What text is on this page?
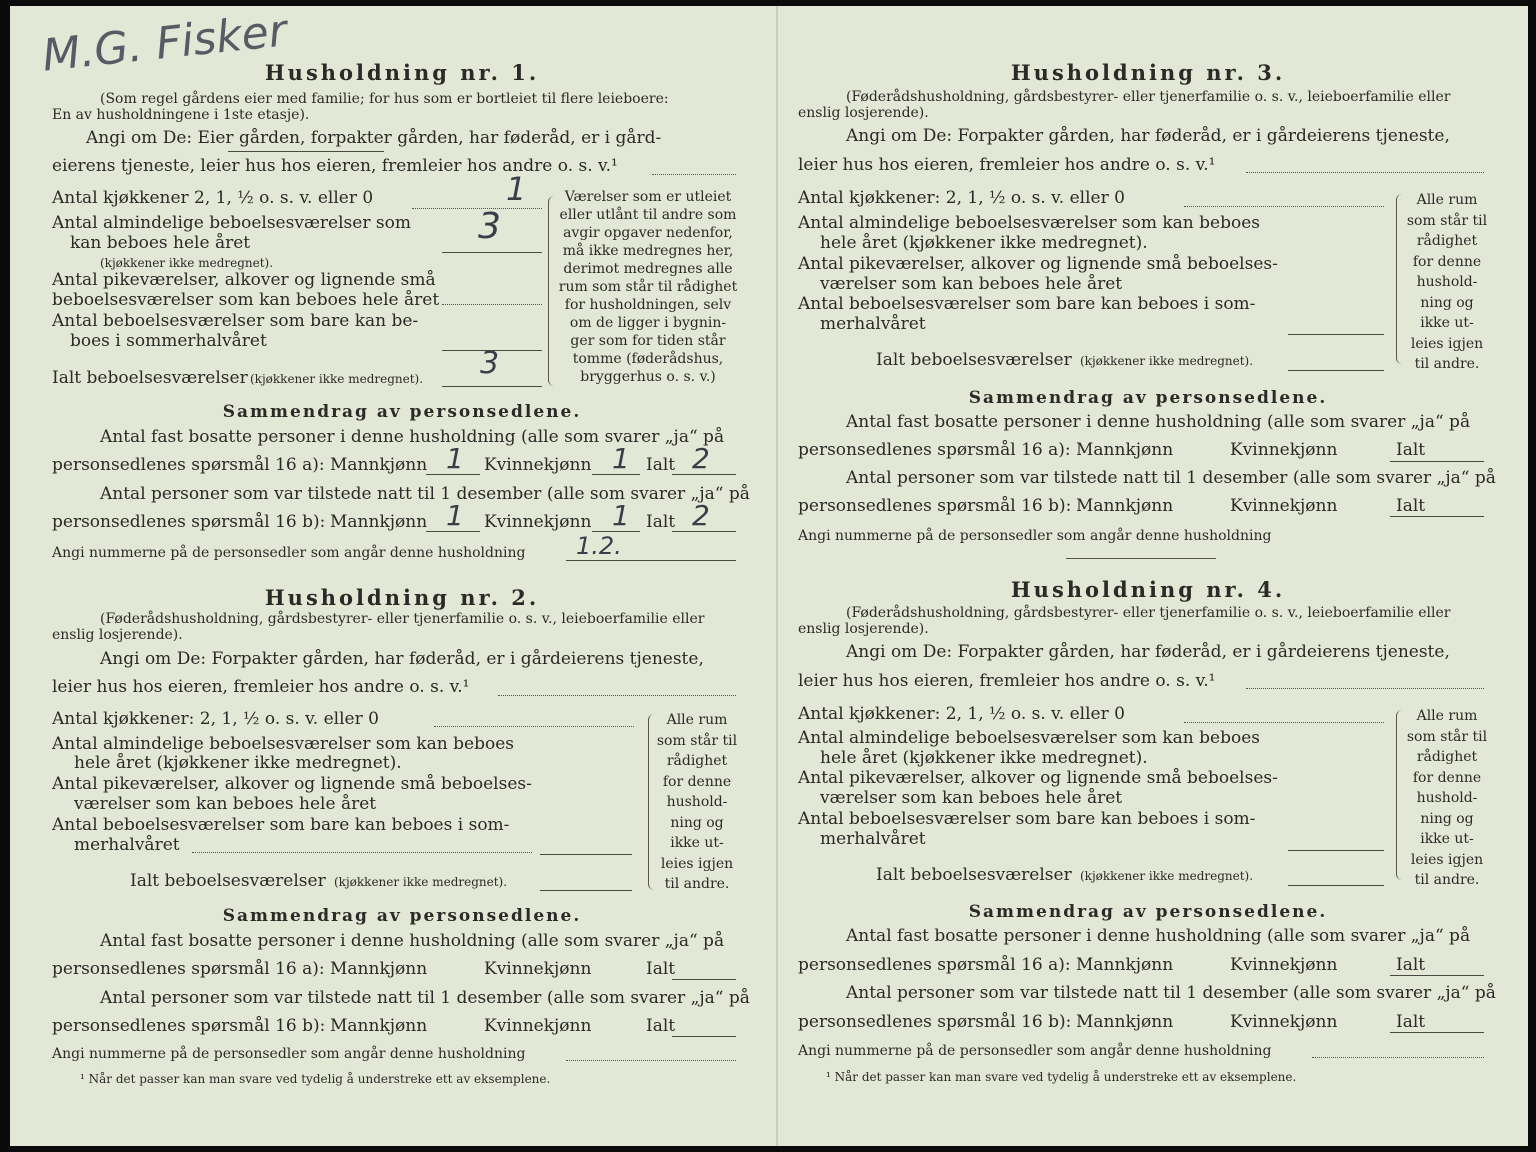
M.G. Fisker
Husholdning nr. 1.
(Som regel gårdens eier med familie; for hus som er bortleiet til flere leieboere:
En av husholdningene i 1ste etasje).
Angi om De: Eier gården, forpakter gården, har føderåd, er i gård-
eierens tjeneste, leier hus hos eieren, fremleier hos andre o. s. v.¹
Antal kjøkkener 2, 1, ½ o. s. v. eller 0	1
Antal almindelige beboelsesværelser som
kan beboes hele året
(kjøkkener ikke medregnet).
3
Antal pikeværelser, alkover og lignende små
beboelsesværelser som kan beboes hele året
Antal beboelsesværelser som bare kan be-
boes i sommerhalvåret
Ialt beboelsesværelser (kjøkkener ikke medregnet). 3
Værelser som er utleiet
eller utlånt til andre som
avgir opgaver nedenfor,
må ikke medregnes her,
derimot medregnes alle
rum som står til rådighet
for husholdningen, selv
om de ligger i bygnin-
ger som for tiden står
tomme (føderådshus,
bryggerhus o. s. v.)
Sammendrag av personsedlene.
Antal fast bosatte personer i denne husholdning (alle som svarer „ja“ på
personsedlenes spørsmål 16 a): Mannkjønn 1 Kvinnekjønn 1 Ialt 2
Antal personer som var tilstede natt til 1 desember (alle som svarer „ja“ på
personsedlenes spørsmål 16 b): Mannkjønn 1 Kvinnekjønn 1 Ialt 2
Angi nummerne på de personsedler som angår denne husholdning 1.2.
Husholdning nr. 2.
(Føderådshusholdning, gårdsbestyrer- eller tjenerfamilie o. s. v., leieboerfamilie eller
enslig losjerende).
Angi om De: Forpakter gården, har føderåd, er i gårdeierens tjeneste,
leier hus hos eieren, fremleier hos andre o. s. v.¹
Antal kjøkkener: 2, 1, ½ o. s. v. eller 0
Antal almindelige beboelsesværelser som kan beboes
hele året (kjøkkener ikke medregnet).
Antal pikeværelser, alkover og lignende små beboelses-
værelser som kan beboes hele året
Antal beboelsesværelser som bare kan beboes i som-
merhalvåret
Ialt beboelsesværelser (kjøkkener ikke medregnet).
Alle rum
som står til
rådighet
for denne
hushold-
ning og
ikke ut-
leies igjen
til andre.
Sammendrag av personsedlene.
Antal fast bosatte personer i denne husholdning (alle som svarer „ja“ på
personsedlenes spørsmål 16 a): Mannkjønn	Kvinnekjønn	Ialt
Antal personer som var tilstede natt til 1 desember (alle som svarer „ja“ på
personsedlenes spørsmål 16 b): Mannkjønn	Kvinnekjønn	Ialt
Angi nummerne på de personsedler som angår denne husholdning
¹ Når det passer kan man svare ved tydelig å understreke ett av eksemplene.
Husholdning nr. 3.
(Føderådshusholdning, gårdsbestyrer- eller tjenerfamilie o. s. v., leieboerfamilie eller
enslig losjerende).
Angi om De: Forpakter gården, har føderåd, er i gårdeierens tjeneste,
leier hus hos eieren, fremleier hos andre o. s. v.¹
Antal kjøkkener: 2, 1, ½ o. s. v. eller 0
Antal almindelige beboelsesværelser som kan beboes
hele året (kjøkkener ikke medregnet).
Antal pikeværelser, alkover og lignende små beboelses-
værelser som kan beboes hele året
Antal beboelsesværelser som bare kan beboes i som-
merhalvåret
Ialt beboelsesværelser (kjøkkener ikke medregnet).
Alle rum
som står til
rådighet
for denne
hushold-
ning og
ikke ut-
leies igjen
til andre.
Sammendrag av personsedlene.
Antal fast bosatte personer i denne husholdning (alle som svarer „ja“ på
personsedlenes spørsmål 16 a): Mannkjønn	Kvinnekjønn	Ialt
Antal personer som var tilstede natt til 1 desember (alle som svarer „ja“ på
personsedlenes spørsmål 16 b): Mannkjønn	Kvinnekjønn	Ialt
Angi nummerne på de personsedler som angår denne husholdning
Husholdning nr. 4.
(Føderådshusholdning, gårdsbestyrer- eller tjenerfamilie o. s. v., leieboerfamilie eller
enslig losjerende).
Angi om De: Forpakter gården, har føderåd, er i gårdeierens tjeneste,
leier hus hos eieren, fremleier hos andre o. s. v.¹
Antal kjøkkener: 2, 1, ½ o. s. v. eller 0
Antal almindelige beboelsesværelser som kan beboes
hele året (kjøkkener ikke medregnet).
Antal pikeværelser, alkover og lignende små beboelses-
værelser som kan beboes hele året
Antal beboelsesværelser som bare kan beboes i som-
merhalvåret
Ialt beboelsesværelser (kjøkkener ikke medregnet).
Alle rum
som står til
rådighet
for denne
hushold-
ning og
ikke ut-
leies igjen
til andre.
Sammendrag av personsedlene.
Antal fast bosatte personer i denne husholdning (alle som svarer „ja“ på
personsedlenes spørsmål 16 a): Mannkjønn	Kvinnekjønn	Ialt
Antal personer som var tilstede natt til 1 desember (alle som svarer „ja“ på
personsedlenes spørsmål 16 b): Mannkjønn	Kvinnekjønn	Ialt
Angi nummerne på de personsedler som angår denne husholdning
¹ Når det passer kan man svare ved tydelig å understreke ett av eksemplene.
